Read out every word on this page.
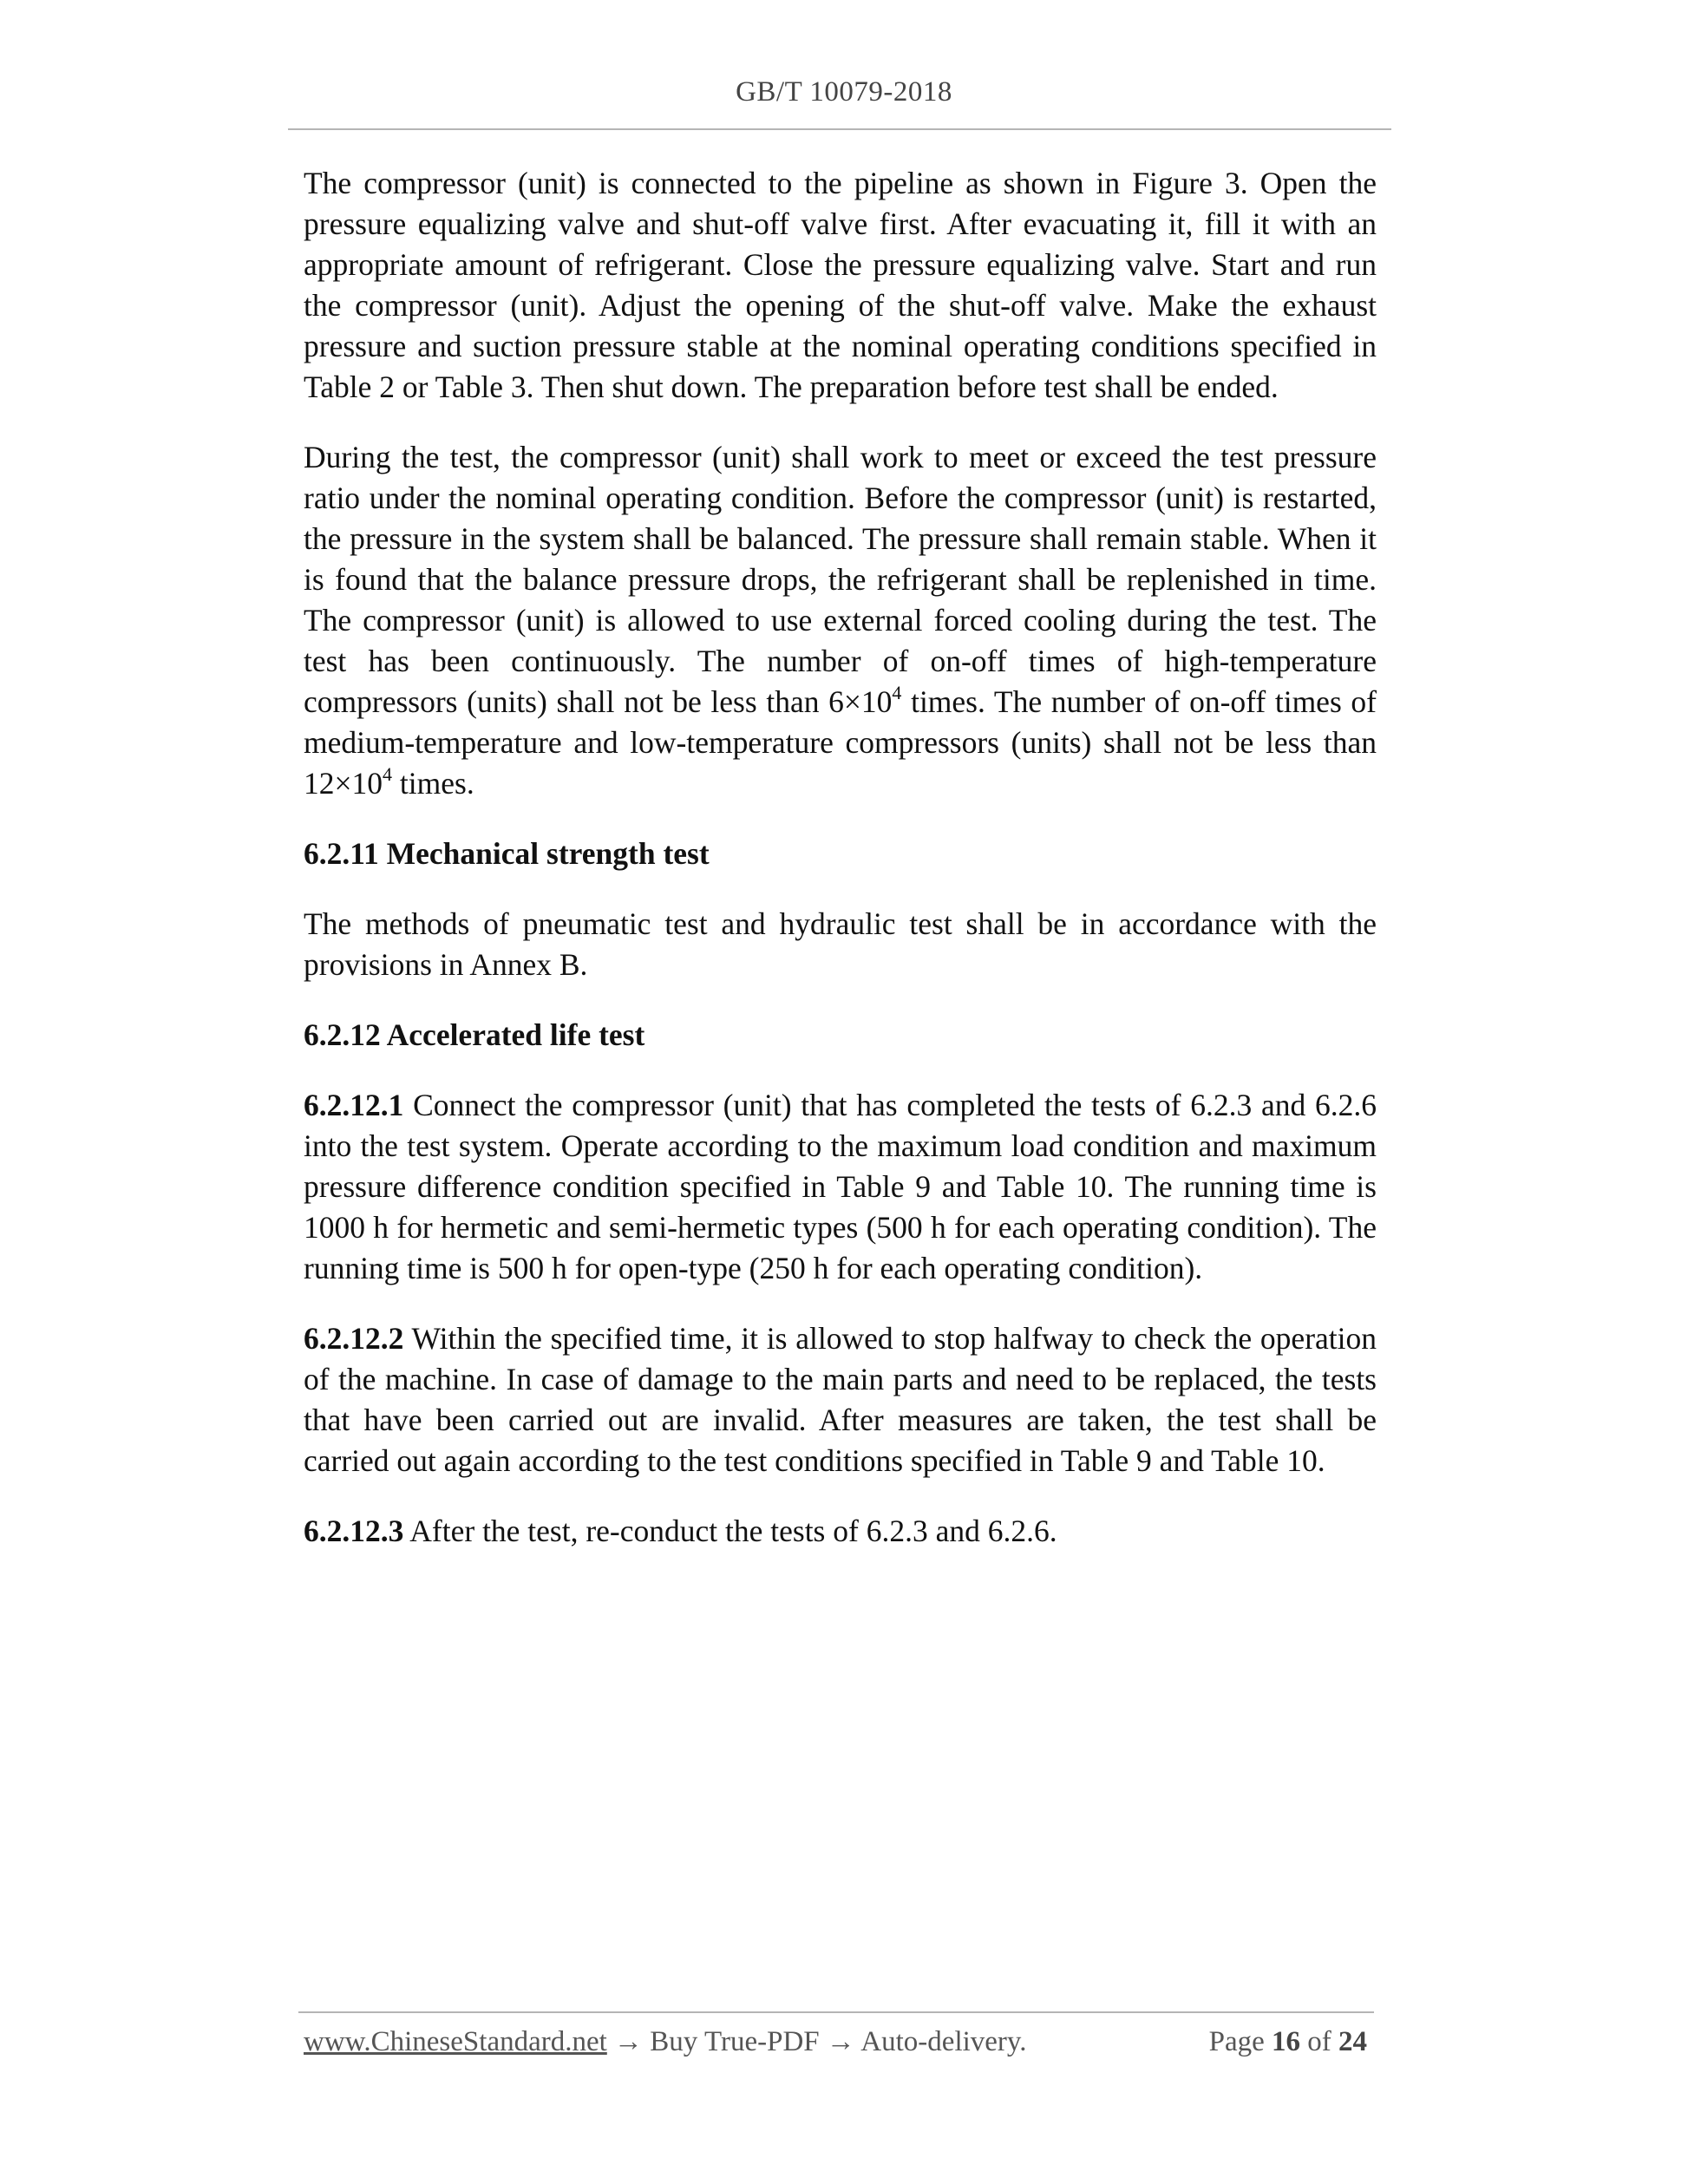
GB/T 10079-2018

The compressor (unit) is connected to the pipeline as shown in Figure 3. Open the pressure equalizing valve and shut-off valve first. After evacuating it, fill it with an appropriate amount of refrigerant. Close the pressure equalizing valve. Start and run the compressor (unit). Adjust the opening of the shut-off valve. Make the exhaust pressure and suction pressure stable at the nominal operating conditions specified in Table 2 or Table 3. Then shut down. The preparation before test shall be ended.

During the test, the compressor (unit) shall work to meet or exceed the test pressure ratio under the nominal operating condition. Before the compressor (unit) is restarted, the pressure in the system shall be balanced. The pressure shall remain stable. When it is found that the balance pressure drops, the refrigerant shall be replenished in time. The compressor (unit) is allowed to use external forced cooling during the test. The test has been continuously. The number of on-off times of high-temperature compressors (units) shall not be less than $6\times 10^4$ times. The number of on-off times of medium-temperature and low-temperature compressors (units) shall not be less than $12\times 10^4$ times.

6.2.11 Mechanical strength test

The methods of pneumatic test and hydraulic test shall be in accordance with the provisions in Annex B.

6.2.12 Accelerated life test

6.2.12.1 Connect the compressor (unit) that has completed the tests of 6.2.3 and 6.2.6 into the test system. Operate according to the maximum load condition and maximum pressure difference condition specified in Table 9 and Table 10. The running time is 1000 h for hermetic and semi-hermetic types (500 h for each operating condition). The running time is 500 h for open-type (250 h for each operating condition).

6.2.12.2 Within the specified time, it is allowed to stop halfway to check the operation of the machine. In case of damage to the main parts and need to be replaced, the tests that have been carried out are invalid. After measures are taken, the test shall be carried out again according to the test conditions specified in Table 9 and Table 10.

6.2.12.3 After the test, re-conduct the tests of 6.2.3 and 6.2.6.

www.ChineseStandard.net → Buy True-PDF → Auto-delivery.	Page 16 of 24
